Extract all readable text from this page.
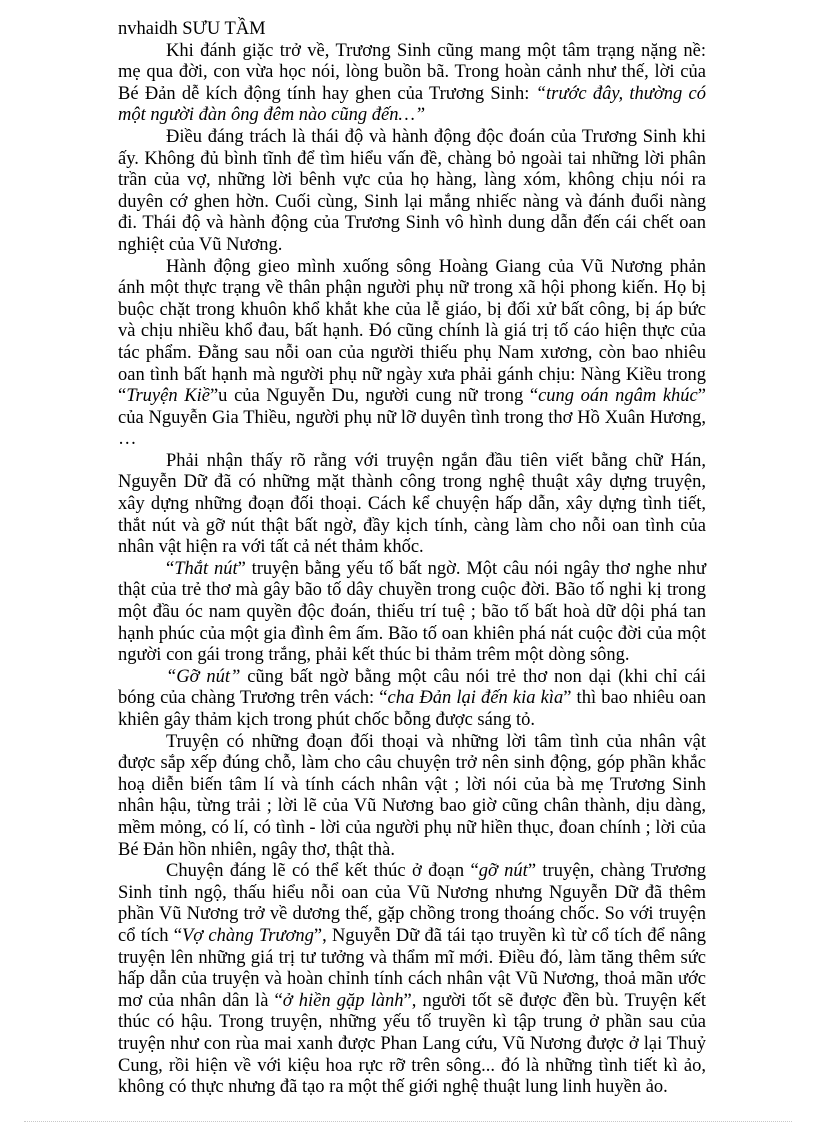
nvhaidh SƯU TẦM

Khi đánh giặc trở về, Trương Sinh cũng mang một tâm trạng nặng nề: mẹ qua đời, con vừa học nói, lòng buồn bã. Trong hoàn cảnh như thế, lời của Bé Đản dễ kích động tính hay ghen của Trương Sinh: “trước đây, thường có một người đàn ông đêm nào cũng đến…”

Điều đáng trách là thái độ và hành động độc đoán của Trương Sinh khi ấy. Không đủ bình tĩnh để tìm hiểu vấn đề, chàng bỏ ngoài tai những lời phân trần của vợ, những lời bênh vực của họ hàng, làng xóm, không chịu nói ra duyên cớ ghen hờn. Cuối cùng, Sinh lại mắng nhiếc nàng và đánh đuổi nàng đi. Thái độ và hành động của Trương Sinh vô hình dung dẫn đến cái chết oan nghiệt của Vũ Nương.

Hành động gieo mình xuống sông Hoàng Giang của Vũ Nương phản ánh một thực trạng về thân phận người phụ nữ trong xã hội phong kiến. Họ bị buộc chặt trong khuôn khổ khắt khe của lễ giáo, bị đối xử bất công, bị áp bức và chịu nhiều khổ đau, bất hạnh. Đó cũng chính là giá trị tố cáo hiện thực của tác phẩm. Đằng sau nỗi oan của người thiếu phụ Nam xương, còn bao nhiêu oan tình bất hạnh mà người phụ nữ ngày xưa phải gánh chịu: Nàng Kiều trong “Truyện Kiề”u của Nguyễn Du, người cung nữ trong “cung oán ngâm khúc” của Nguyễn Gia Thiều, người phụ nữ lỡ duyên tình trong thơ Hồ Xuân Hương, …

Phải nhận thấy rõ rằng với truyện ngắn đầu tiên viết bằng chữ Hán, Nguyễn Dữ đã có những mặt thành công trong nghệ thuật xây dựng truyện, xây dựng những đoạn đối thoại. Cách kể chuyện hấp dẫn, xây dựng tình tiết, thắt nút và gỡ nút thật bất ngờ, đầy kịch tính, càng làm cho nỗi oan tình của nhân vật hiện ra với tất cả nét thảm khốc.

“Thắt nút” truyện bằng yếu tố bất ngờ. Một câu nói ngây thơ nghe như thật của trẻ thơ mà gây bão tố dây chuyền trong cuộc đời. Bão tố nghi kị trong một đầu óc nam quyền độc đoán, thiếu trí tuệ ; bão tố bất hoà dữ dội phá tan hạnh phúc của một gia đình êm ấm. Bão tố oan khiên phá nát cuộc đời của một người con gái trong trắng, phải kết thúc bi thảm trêm một dòng sông.

“Gỡ nút” cũng bất ngờ bằng một câu nói trẻ thơ non dại (khi chỉ cái bóng của chàng Trương trên vách: “cha Đản lại đến kia kìa” thì bao nhiêu oan khiên gây thảm kịch trong phút chốc bỗng được sáng tỏ.

Truyện có những đoạn đối thoại và những lời tâm tình của nhân vật được sắp xếp đúng chỗ, làm cho câu chuyện trở nên sinh động, góp phần khắc hoạ diễn biến tâm lí và tính cách nhân vật ; lời nói của bà mẹ Trương Sinh nhân hậu, từng trải ; lời lẽ của Vũ Nương bao giờ cũng chân thành, dịu dàng, mềm mỏng, có lí, có tình - lời của người phụ nữ hiền thục, đoan chính ; lời của Bé Đản hồn nhiên, ngây thơ, thật thà.

Chuyện đáng lẽ có thể kết thúc ở đoạn “gỡ nút” truyện, chàng Trương Sinh tỉnh ngộ, thấu hiểu nỗi oan của Vũ Nương nhưng Nguyễn Dữ đã thêm phần Vũ Nương trở về dương thế, gặp chồng trong thoáng chốc. So với truyện cổ tích “Vợ chàng Trương”, Nguyễn Dữ đã tái tạo truyền kì từ cổ tích để nâng truyện lên những giá trị tư tưởng và thẩm mĩ mới. Điều đó, làm tăng thêm sức hấp dẫn của truyện và hoàn chỉnh tính cách nhân vật Vũ Nương, thoả mãn ước mơ của nhân dân là “ở hiền gặp lành”, người tốt sẽ được đền bù. Truyện kết thúc có hậu. Trong truyện, những yếu tố truyền kì tập trung ở phần sau của truyện như con rùa mai xanh được Phan Lang cứu, Vũ Nương được ở lại Thuỷ Cung, rồi hiện về với kiệu hoa rực rỡ trên sông... đó là những tình tiết kì ảo, không có thực nhưng đã tạo ra một thế giới nghệ thuật lung linh huyền ảo.
